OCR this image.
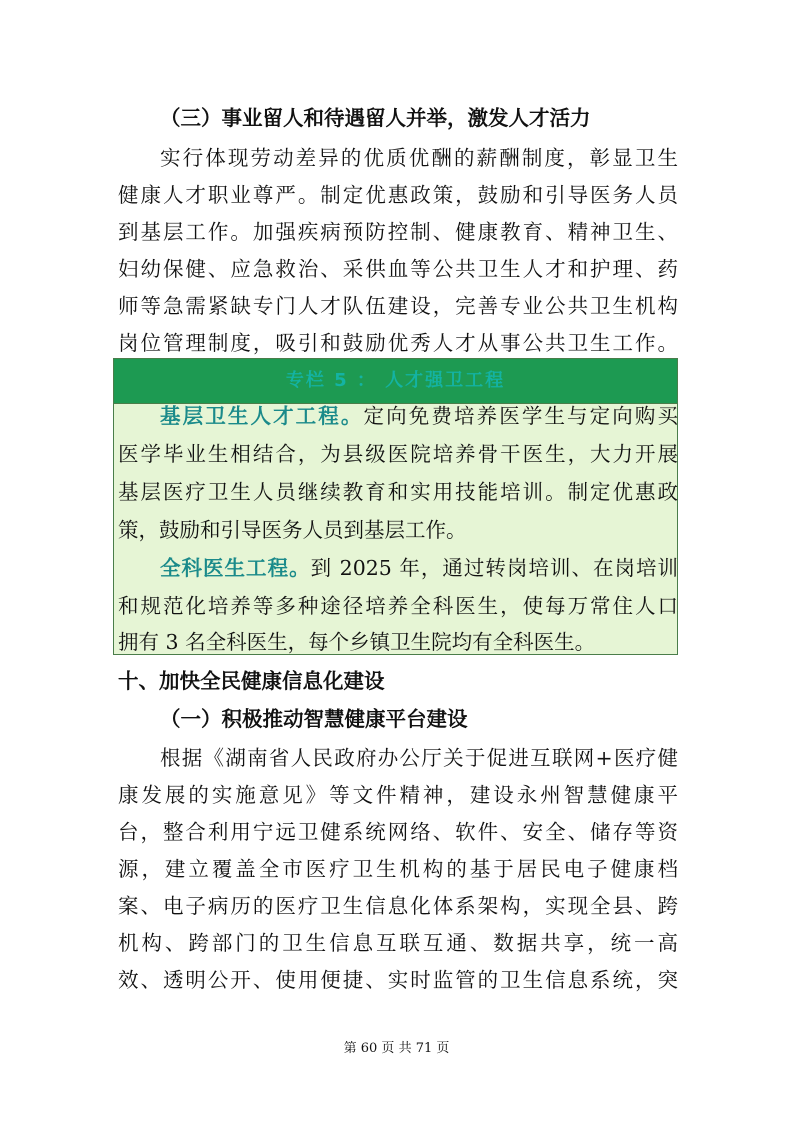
（三）事业留人和待遇留人并举，激发人才活力
实行体现劳动差异的优质优酬的薪酬制度，彰显卫生
健康人才职业尊严。制定优惠政策，鼓励和引导医务人员
到基层工作。加强疾病预防控制、健康教育、精神卫生、
妇幼保健、应急救治、采供血等公共卫生人才和护理、药
师等急需紧缺专门人才队伍建设，完善专业公共卫生机构
岗位管理制度，吸引和鼓励优秀人才从事公共卫生工作。
专栏 5 ： 人才强卫工程
基层卫生人才工程。定向免费培养医学生与定向购买
医学毕业生相结合，为县级医院培养骨干医生，大力开展
基层医疗卫生人员继续教育和实用技能培训。制定优惠政
策，鼓励和引导医务人员到基层工作。
全科医生工程。到 2025 年，通过转岗培训、在岗培训
和规范化培养等多种途径培养全科医生，使每万常住人口
拥有 3 名全科医生，每个乡镇卫生院均有全科医生。
十、加快全民健康信息化建设
（一）积极推动智慧健康平台建设
根据《湖南省人民政府办公厅关于促进互联网+医疗健
康发展的实施意见》等文件精神，建设永州智慧健康平
台，整合利用宁远卫健系统网络、软件、安全、储存等资
源，建立覆盖全市医疗卫生机构的基于居民电子健康档
案、电子病历的医疗卫生信息化体系架构，实现全县、跨
机构、跨部门的卫生信息互联互通、数据共享，统一高
效、透明公开、使用便捷、实时监管的卫生信息系统，突
第 60 页 共 71 页
